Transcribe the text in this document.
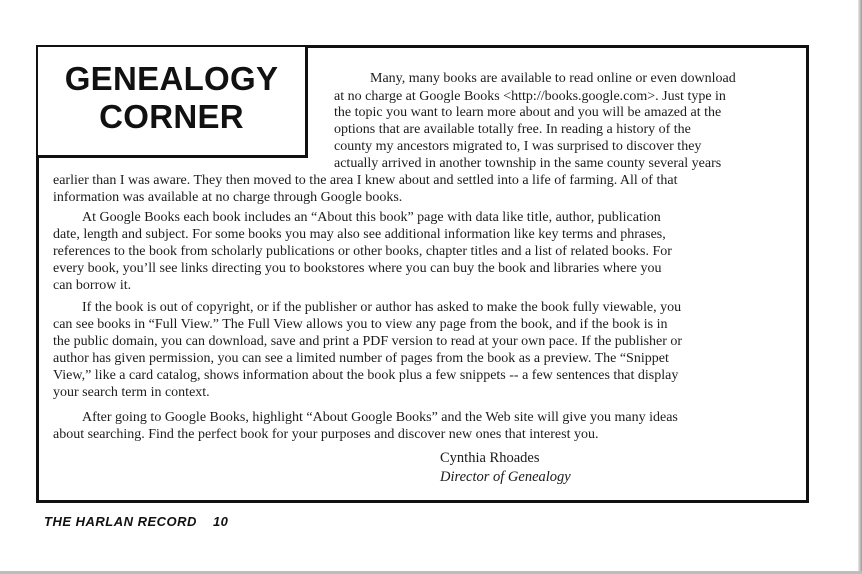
GENEALOGY
CORNER
Many, many books are available to read online or even download
at no charge at Google Books <http://books.google.com>. Just type in
the topic you want to learn more about and you will be amazed at the
options that are available totally free. In reading a history of the
county my ancestors migrated to, I was surprised to discover they
actually arrived in another township in the same county several years
earlier than I was aware. They then moved to the area I knew about and settled into a life of farming. All of that
information was available at no charge through Google books.
At Google Books each book includes an “About this book” page with data like title, author, publication
date, length and subject. For some books you may also see additional information like key terms and phrases,
references to the book from scholarly publications or other books, chapter titles and a list of related books. For
every book, you’ll see links directing you to bookstores where you can buy the book and libraries where you
can borrow it.
If the book is out of copyright, or if the publisher or author has asked to make the book fully viewable, you
can see books in “Full View.” The Full View allows you to view any page from the book, and if the book is in
the public domain, you can download, save and print a PDF version to read at your own pace. If the publisher or
author has given permission, you can see a limited number of pages from the book as a preview. The “Snippet
View,” like a card catalog, shows information about the book plus a few snippets -- a few sentences that display
your search term in context.
After going to Google Books, highlight “About Google Books” and the Web site will give you many ideas
about searching. Find the perfect book for your purposes and discover new ones that interest you.
Cynthia Rhoades
Director of Genealogy
THE HARLAN RECORD 10
